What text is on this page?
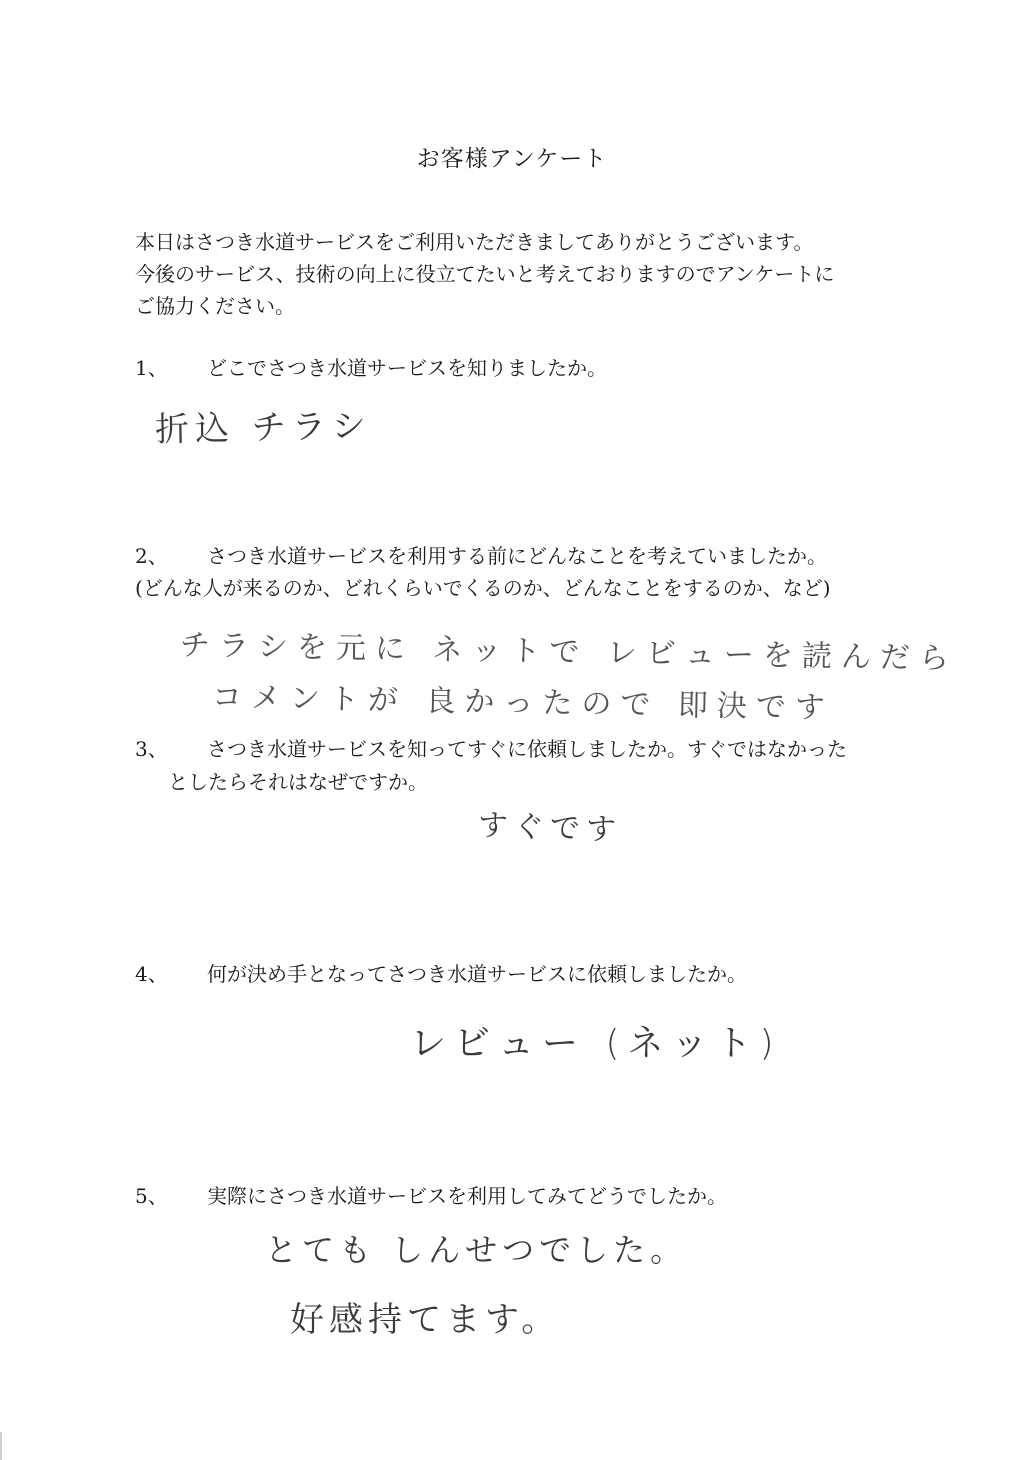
お客様アンケート
本日はさつき水道サービスをご利用いただきましてありがとうございます。
今後のサービス、技術の向上に役立てたいと考えておりますのでアンケートに
ご協力ください。
1、 どこでさつき水道サービスを知りましたか。
折込 チラシ
2、 さつき水道サービスを利用する前にどんなことを考えていましたか。
(どんな人が来るのか、どれくらいでくるのか、どんなことをするのか、など)
チラシを元に ネットで レビューを読んだら
コメントが 良かったので 即決です
3、 さつき水道サービスを知ってすぐに依頼しましたか。すぐではなかった
としたらそれはなぜですか。
すぐです
4、 何が決め手となってさつき水道サービスに依頼しましたか。
レビュー (ネット)
5、 実際にさつき水道サービスを利用してみてどうでしたか。
とても しんせつでした。
好感持てます。
